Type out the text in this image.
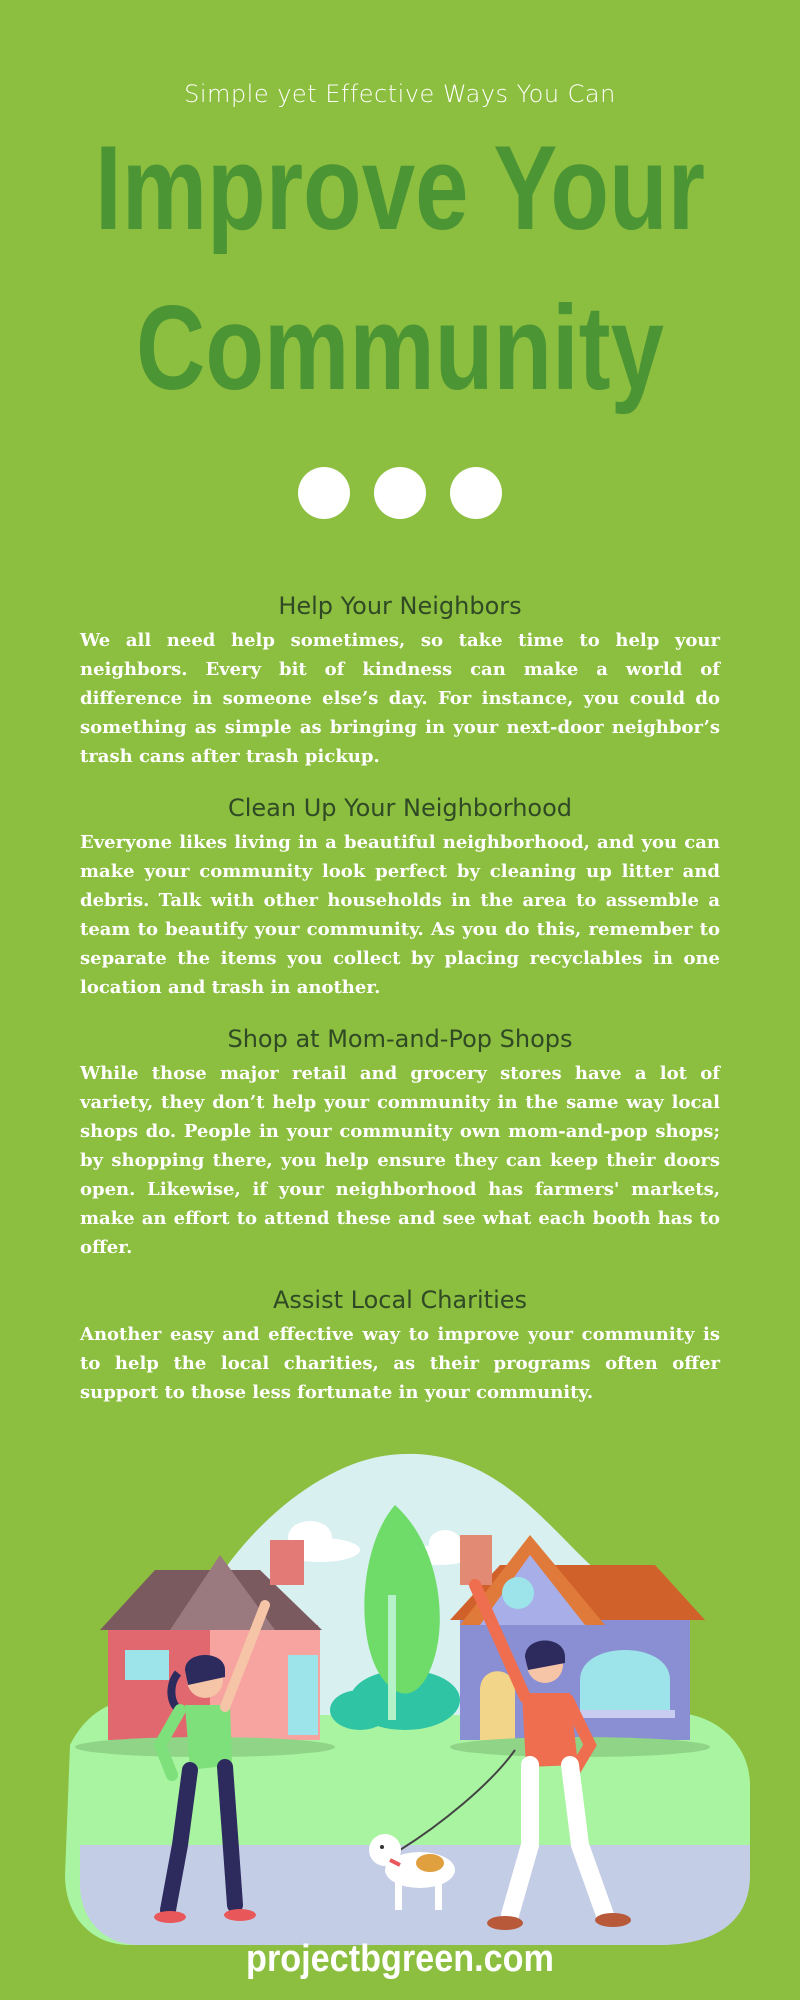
Simple yet Effective Ways You Can
Improve Your
Community

Help Your Neighbors

We all need help sometimes, so take time to help your neighbors. Every bit of kindness can make a world of difference in someone else’s day. For instance, you could do something as simple as bringing in your next-door neighbor’s trash cans after trash pickup.

Clean Up Your Neighborhood

Everyone likes living in a beautiful neighborhood, and you can make your community look perfect by cleaning up litter and debris. Talk with other households in the area to assemble a team to beautify your community. As you do this, remember to separate the items you collect by placing recyclables in one location and trash in another.

Shop at Mom-and-Pop Shops

While those major retail and grocery stores have a lot of variety, they don’t help your community in the same way local shops do. People in your community own mom-and-pop shops; by shopping there, you help ensure they can keep their doors open. Likewise, if your neighborhood has farmers' markets, make an effort to attend these and see what each booth has to offer.

Assist Local Charities

Another easy and effective way to improve your community is to help the local charities, as their programs often offer support to those less fortunate in your community.

projectbgreen.com
